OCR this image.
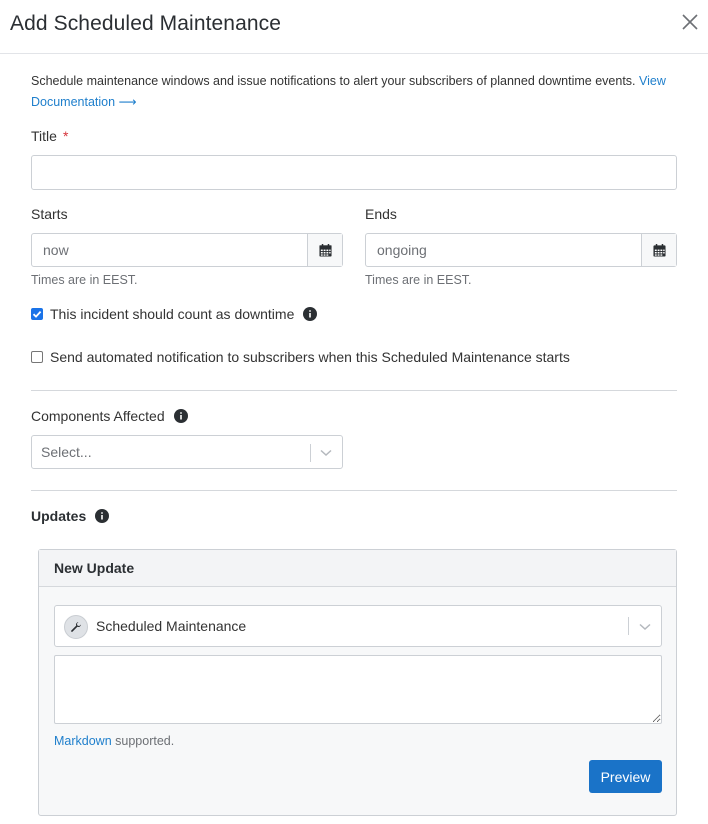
Add Scheduled Maintenance
Schedule maintenance windows and issue notifications to alert your subscribers of planned downtime events. View
Documentation ⟶
Title *
Starts	Ends
now
ongoing
Times are in EEST.	Times are in EEST.
This incident should count as downtime
Send automated notification to subscribers when this Scheduled Maintenance starts
Components Affected
Select...
Updates
New Update
Scheduled Maintenance
Markdown supported.
Preview
